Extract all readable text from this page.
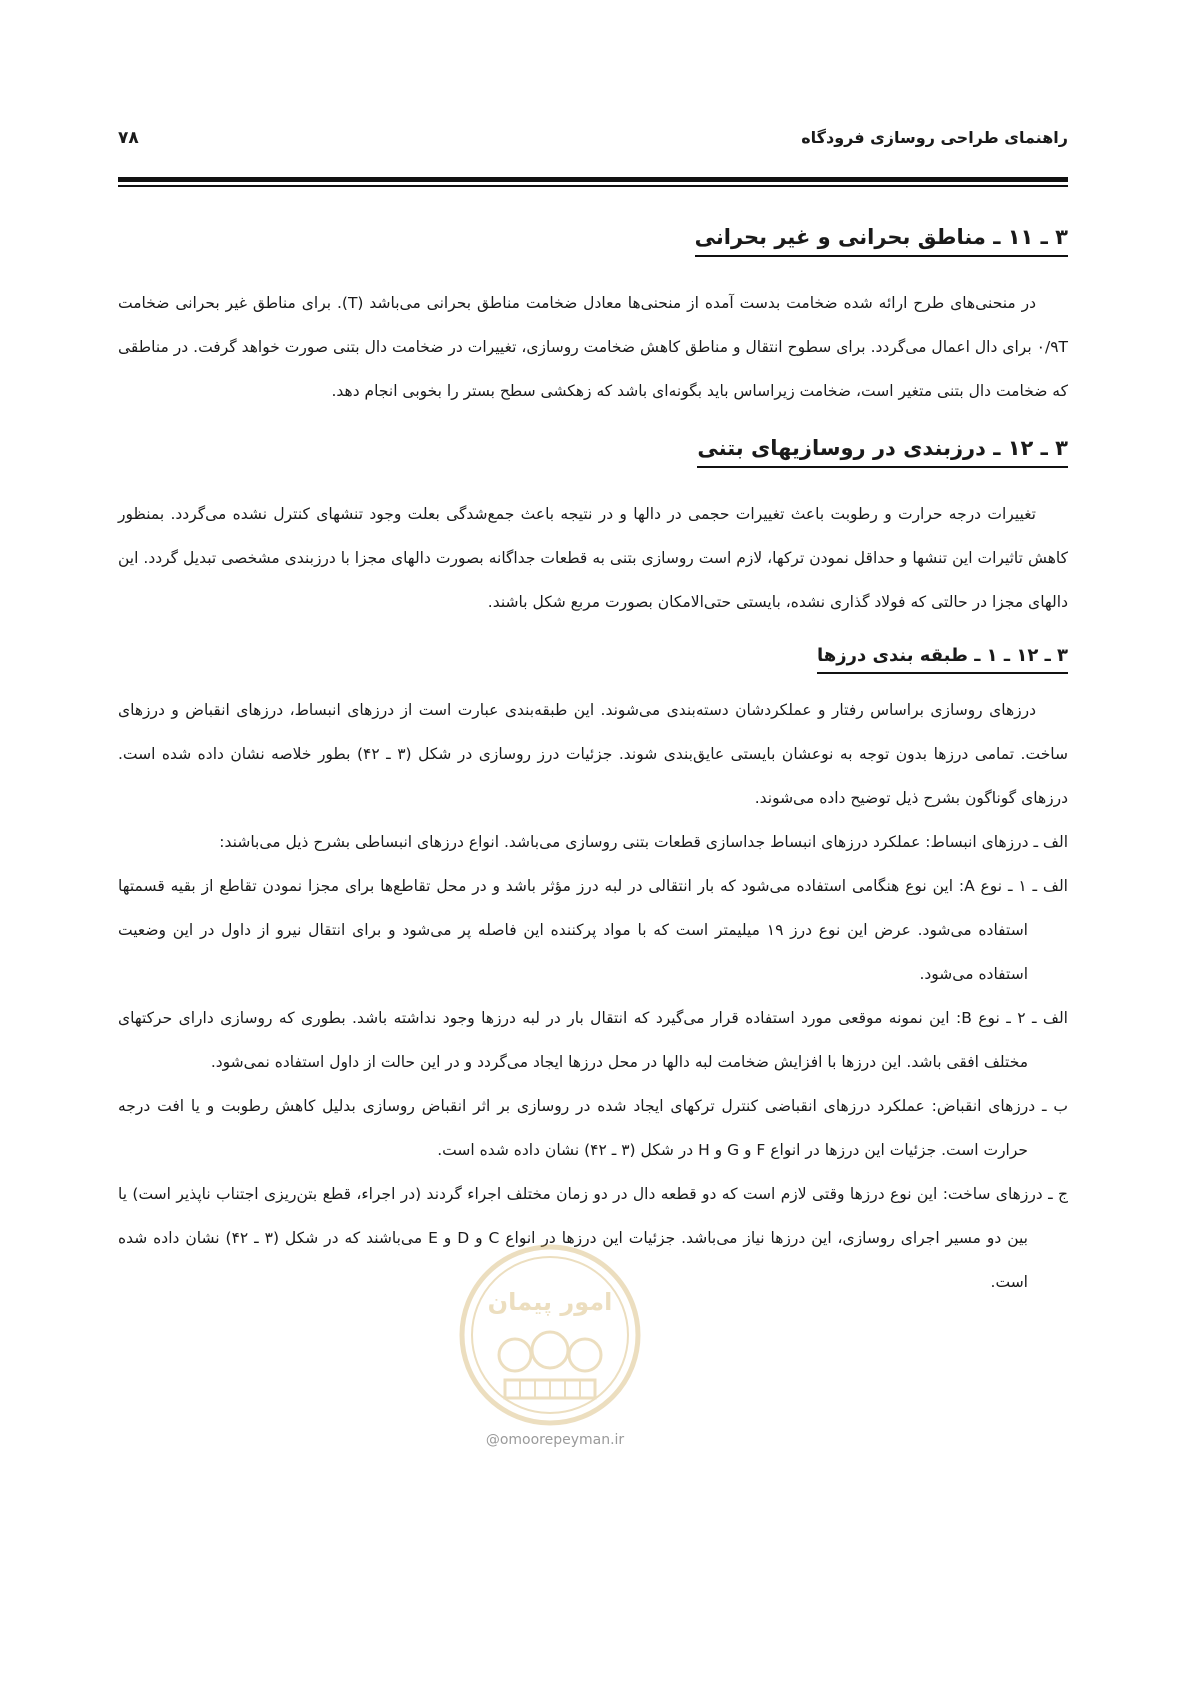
راهنمای طراحی روسازی فرودگاه
۷۸
۳ ـ ۱۱ ـ مناطق بحرانی و غیر بحرانی

در منحنی‌های طرح ارائه شده ضخامت بدست آمده از منحنی‌ها معادل ضخامت مناطق بحرانی می‌باشد (T). برای مناطق غیر بحرانی ضخامت ۰/۹T برای دال اعمال می‌گردد. برای سطوح انتقال و مناطق کاهش ضخامت روسازی، تغییرات در ضخامت دال بتنی صورت خواهد گرفت. در مناطقی که ضخامت دال بتنی متغیر است، ضخامت زیراساس باید بگونه‌ای باشد که زهکشی سطح بستر را بخوبی انجام دهد.

۳ ـ ۱۲ ـ درزبندی در روسازیهای بتنی

تغییرات درجه حرارت و رطوبت باعث تغییرات حجمی در دالها و در نتیجه باعث جمع‌شدگی بعلت وجود تنشهای کنترل نشده می‌گردد. بمنظور کاهش تاثیرات این تنشها و حداقل نمودن ترکها، لازم است روسازی بتنی به قطعات جداگانه بصورت دالهای مجزا با درزبندی مشخصی تبدیل گردد. این دالهای مجزا در حالتی که فولاد گذاری نشده، بایستی حتی‌الامکان بصورت مربع شکل باشند.

۳ ـ ۱۲ ـ ۱ ـ طبقه بندی درزها

درزهای روسازی براساس رفتار و عملکردشان دسته‌بندی می‌شوند. این طبقه‌بندی عبارت است از درزهای انبساط، درزهای انقباض و درزهای ساخت. تمامی درزها بدون توجه به نوعشان بایستی عایق‌بندی شوند. جزئیات درز روسازی در شکل (۳ ـ ۴۲) بطور خلاصه نشان داده شده است. درزهای گوناگون بشرح ذیل توضیح داده می‌شوند.

الف ـ درزهای انبساط: عملکرد درزهای انبساط جداسازی قطعات بتنی روسازی می‌باشد. انواع درزهای انبساطی بشرح ذیل می‌باشند:

الف ـ ۱ ـ نوع A: این نوع هنگامی استفاده می‌شود که بار انتقالی در لبه درز مؤثر باشد و در محل تقاطع‌ها برای مجزا نمودن تقاطع از بقیه قسمتها استفاده می‌شود. عرض این نوع درز ۱۹ میلیمتر است که با مواد پرکننده این فاصله پر می‌شود و برای انتقال نیرو از داول در این وضعیت استفاده می‌شود.

الف ـ ۲ ـ نوع B: این نمونه موقعی مورد استفاده قرار می‌گیرد که انتقال بار در لبه درزها وجود نداشته باشد. بطوری که روسازی دارای حرکتهای مختلف افقی باشد. این درزها با افزایش ضخامت لبه دالها در محل درزها ایجاد می‌گردد و در این حالت از داول استفاده نمی‌شود.

ب ـ درزهای انقباض: عملکرد درزهای انقباضی کنترل ترکهای ایجاد شده در روسازی بر اثر انقباض روسازی بدلیل کاهش رطوبت و یا افت درجه حرارت است. جزئیات این درزها در انواع F و G و H در شکل (۳ ـ ۴۲) نشان داده شده است.

ج ـ درزهای ساخت: این نوع درزها وقتی لازم است که دو قطعه دال در دو زمان مختلف اجراء گردند (در اجراء، قطع بتن‌ریزی اجتناب ناپذیر است) یا بین دو مسیر اجرای روسازی، این درزها نیاز می‌باشد. جزئیات این درزها در انواع C و D و E می‌باشند که در شکل (۳ ـ ۴۲) نشان داده شده است.

امور پیمان
@omoorepeyman.ir
